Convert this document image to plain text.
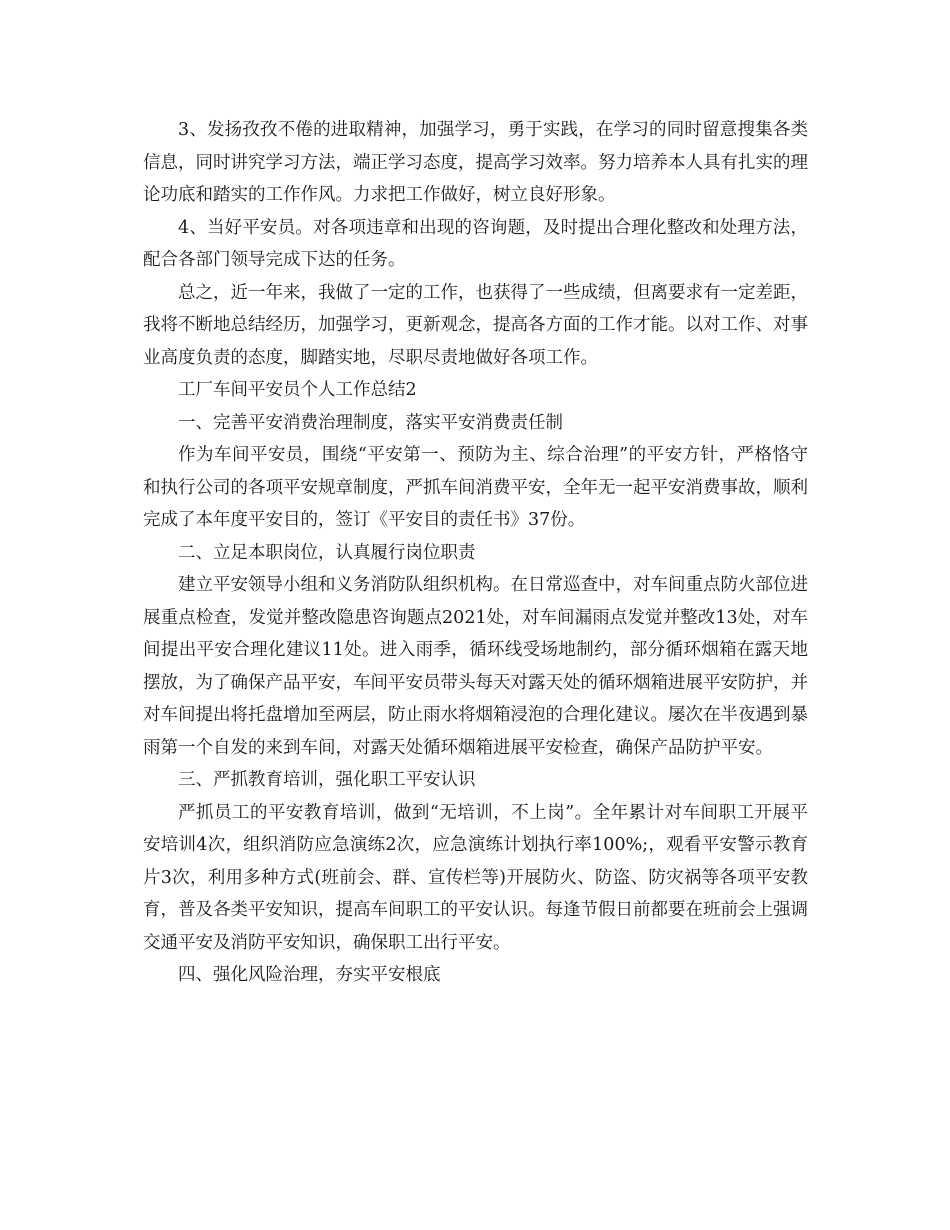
3、发扬孜孜不倦的进取精神，加强学习，勇于实践，在学习的同时留意搜集各类信息，同时讲究学习方法，端正学习态度，提高学习效率。努力培养本人具有扎实的理论功底和踏实的工作作风。力求把工作做好，树立良好形象。

4、当好平安员。对各项违章和出现的咨询题，及时提出合理化整改和处理方法，配合各部门领导完成下达的任务。

总之，近一年来，我做了一定的工作，也获得了一些成绩，但离要求有一定差距，我将不断地总结经历，加强学习，更新观念，提高各方面的工作才能。以对工作、对事业高度负责的态度，脚踏实地，尽职尽责地做好各项工作。

工厂车间平安员个人工作总结2

一、完善平安消费治理制度，落实平安消费责任制

作为车间平安员，围绕“平安第一、预防为主、综合治理”的平安方针，严格恪守和执行公司的各项平安规章制度，严抓车间消费平安，全年无一起平安消费事故，顺利完成了本年度平安目的，签订《平安目的责任书》37份。

二、立足本职岗位，认真履行岗位职责

建立平安领导小组和义务消防队组织机构。在日常巡查中，对车间重点防火部位进展重点检查，发觉并整改隐患咨询题点2021处，对车间漏雨点发觉并整改13处，对车间提出平安合理化建议11处。进入雨季，循环线受场地制约，部分循环烟箱在露天地摆放，为了确保产品平安，车间平安员带头每天对露天处的循环烟箱进展平安防护，并对车间提出将托盘增加至两层，防止雨水将烟箱浸泡的合理化建议。屡次在半夜遇到暴雨第一个自发的来到车间，对露天处循环烟箱进展平安检查，确保产品防护平安。

三、严抓教育培训，强化职工平安认识

严抓员工的平安教育培训，做到“无培训，不上岗”。全年累计对车间职工开展平安培训4次，组织消防应急演练2次，应急演练计划执行率100%;，观看平安警示教育片3次，利用多种方式(班前会、群、宣传栏等)开展防火、防盗、防灾祸等各项平安教育，普及各类平安知识，提高车间职工的平安认识。每逢节假日前都要在班前会上强调交通平安及消防平安知识，确保职工出行平安。

四、强化风险治理，夯实平安根底
